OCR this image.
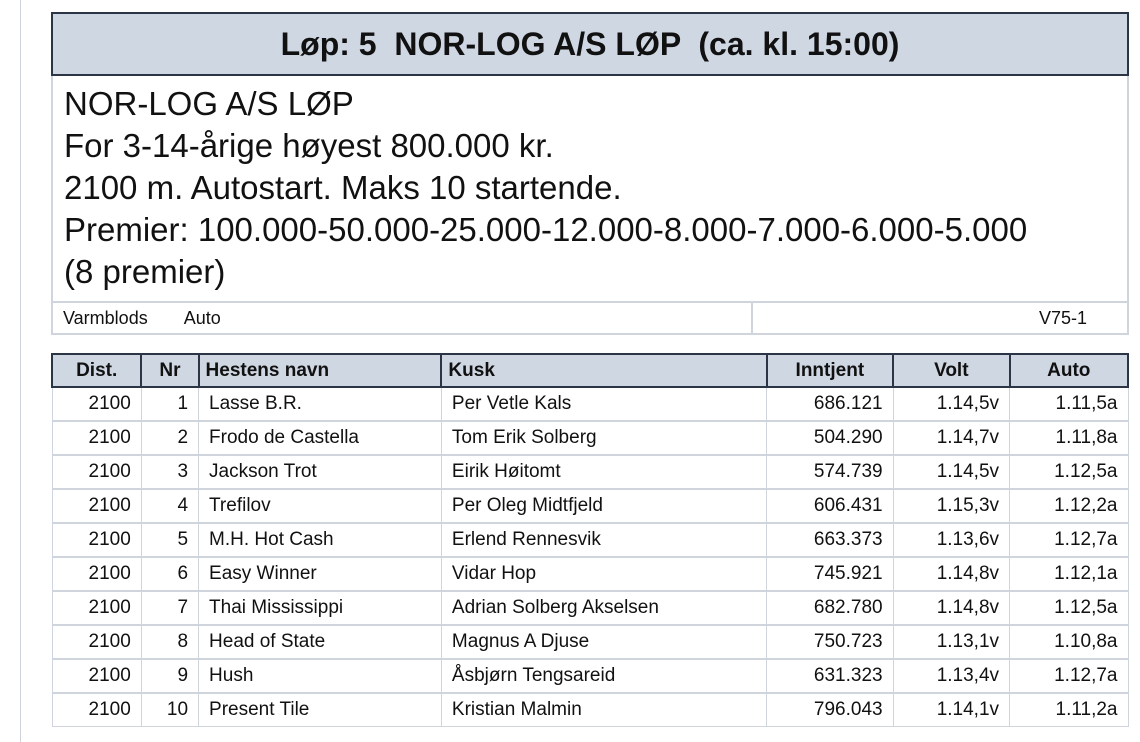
Løp: 5  NOR-LOG A/S LØP  (ca. kl. 15:00)
NOR-LOG A/S LØP
For 3-14-årige høyest 800.000 kr.
2100 m. Autostart. Maks 10 startende.
Premier: 100.000-50.000-25.000-12.000-8.000-7.000-6.000-5.000
(8 premier)
Varmblods Auto	V75-1
Dist.	Nr	Hestens navn	Kusk	Inntjent	Volt	Auto
2100	1	Lasse B.R.	Per Vetle Kals	686.121	1.14,5v	1.11,5a
2100	2	Frodo de Castella	Tom Erik Solberg	504.290	1.14,7v	1.11,8a
2100	3	Jackson Trot	Eirik Høitomt	574.739	1.14,5v	1.12,5a
2100	4	Trefilov	Per Oleg Midtfjeld	606.431	1.15,3v	1.12,2a
2100	5	M.H. Hot Cash	Erlend Rennesvik	663.373	1.13,6v	1.12,7a
2100	6	Easy Winner	Vidar Hop	745.921	1.14,8v	1.12,1a
2100	7	Thai Mississippi	Adrian Solberg Akselsen	682.780	1.14,8v	1.12,5a
2100	8	Head of State	Magnus A Djuse	750.723	1.13,1v	1.10,8a
2100	9	Hush	Åsbjørn Tengsareid	631.323	1.13,4v	1.12,7a
2100	10	Present Tile	Kristian Malmin	796.043	1.14,1v	1.11,2a
